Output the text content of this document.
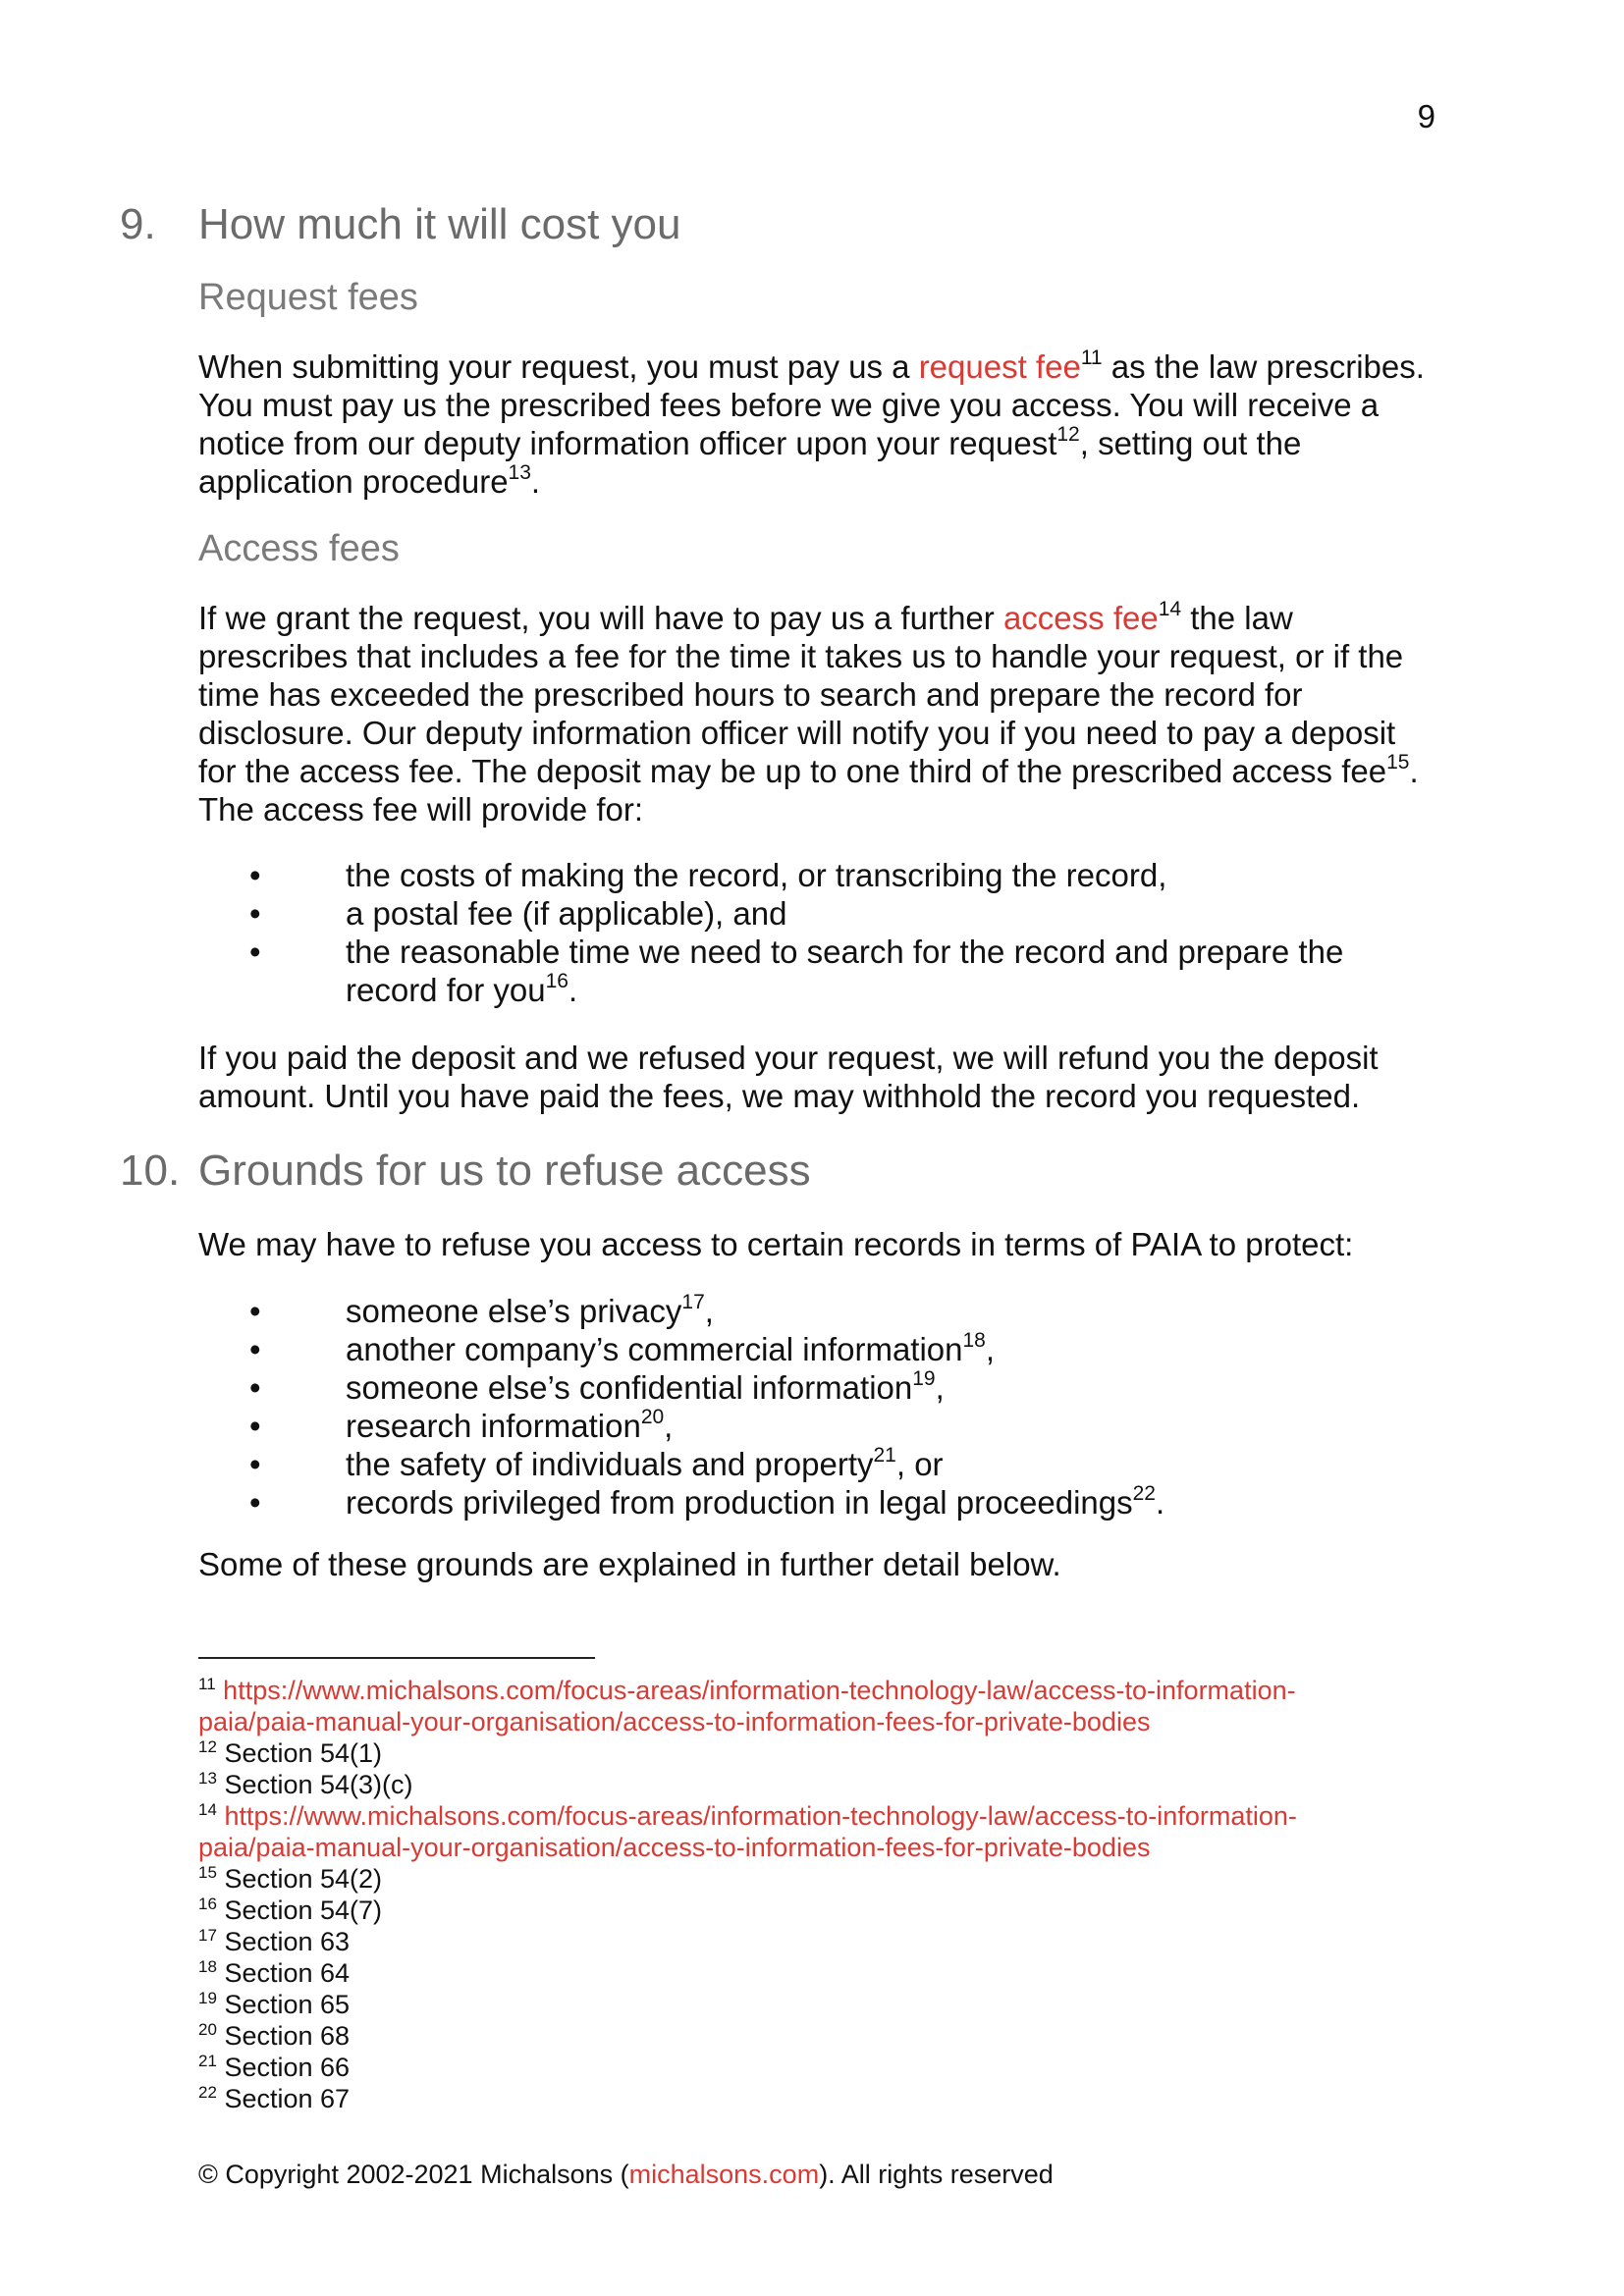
9
9. How much it will cost you
Request fees

When submitting your request, you must pay us a request fee$^{11}$ as the law prescribes. You must pay us the prescribed fees before we give you access. You will receive a notice from our deputy information officer upon your request$^{12}$, setting out the application procedure$^{13}$.

Access fees

If we grant the request, you will have to pay us a further access fee$^{14}$ the law prescribes that includes a fee for the time it takes us to handle your request, or if the time has exceeded the prescribed hours to search and prepare the record for disclosure. Our deputy information officer will notify you if you need to pay a deposit for the access fee. The deposit may be up to one third of the prescribed access fee$^{15}$. The access fee will provide for:

•	the costs of making the record, or transcribing the record,
•	a postal fee (if applicable), and
•	the reasonable time we need to search for the record and prepare the record for you$^{16}$.

If you paid the deposit and we refused your request, we will refund you the deposit amount. Until you have paid the fees, we may withhold the record you requested.

10. Grounds for us to refuse access

We may have to refuse you access to certain records in terms of PAIA to protect:

•	someone else’s privacy$^{17}$,
•	another company’s commercial information$^{18}$,
•	someone else’s confidential information$^{19}$,
•	research information$^{20}$,
•	the safety of individuals and property$^{21}$, or
•	records privileged from production in legal proceedings$^{22}$.

Some of these grounds are explained in further detail below.

$^{11}$ https://www.michalsons.com/focus-areas/information-technology-law/access-to-information-paia/paia-manual-your-organisation/access-to-information-fees-for-private-bodies

$^{12}$ Section 54(1)

$^{13}$ Section 54(3)(c)

$^{14}$ https://www.michalsons.com/focus-areas/information-technology-law/access-to-information-paia/paia-manual-your-organisation/access-to-information-fees-for-private-bodies

$^{15}$ Section 54(2)

$^{16}$ Section 54(7)

$^{17}$ Section 63

$^{18}$ Section 64

$^{19}$ Section 65

$^{20}$ Section 68

$^{21}$ Section 66

$^{22}$ Section 67

© Copyright 2002-2021 Michalsons (michalsons.com). All rights reserved
